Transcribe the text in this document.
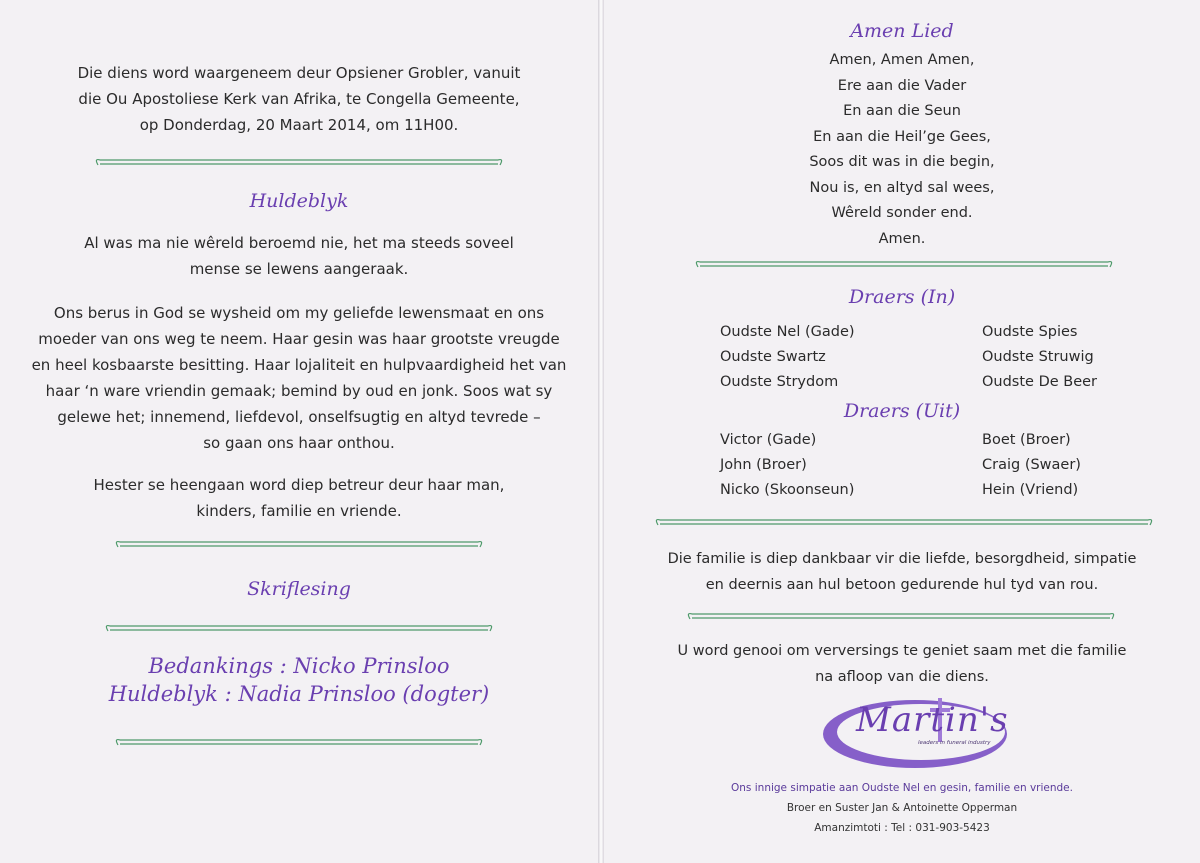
Die diens word waargeneem deur Opsiener Grobler, vanuit
die Ou Apostoliese Kerk van Afrika, te Congella Gemeente,
op Donderdag, 20 Maart 2014, om 11H00.
Huldeblyk
Al was ma nie wêreld beroemd nie, het ma steeds soveel
mense se lewens aangeraak.
Ons berus in God se wysheid om my geliefde lewensmaat en ons
moeder van ons weg te neem. Haar gesin was haar grootste vreugde
en heel kosbaarste besitting. Haar lojaliteit en hulpvaardigheid het van
haar ‘n ware vriendin gemaak; bemind by oud en jonk. Soos wat sy
gelewe het; innemend, liefdevol, onselfsugtig en altyd tevrede –
so gaan ons haar onthou.
Hester se heengaan word diep betreur deur haar man,
kinders, familie en vriende.
Skriflesing
Bedankings : Nicko Prinsloo
Huldeblyk : Nadia Prinsloo (dogter)
Amen Lied
Amen, Amen Amen,
Ere aan die Vader
En aan die Seun
En aan die Heil’ge Gees,
Soos dit was in die begin,
Nou is, en altyd sal wees,
Wêreld sonder end.
Amen.
Draers (In)
Oudste Nel (Gade)
Oudste Swartz
Oudste Strydom
Oudste Spies
Oudste Struwig
Oudste De Beer
Draers (Uit)
Victor (Gade)
John (Broer)
Nicko (Skoonseun)
Boet (Broer)
Craig (Swaer)
Hein (Vriend)
Die familie is diep dankbaar vir die liefde, besorgdheid, simpatie
en deernis aan hul betoon gedurende hul tyd van rou.
U word genooi om verversings te geniet saam met die familie
na afloop van die diens.
Martin's
leaders in funeral industry
Ons innige simpatie aan Oudste Nel en gesin, familie en vriende.
Broer en Suster Jan & Antoinette Opperman
Amanzimtoti : Tel : 031-903-5423
